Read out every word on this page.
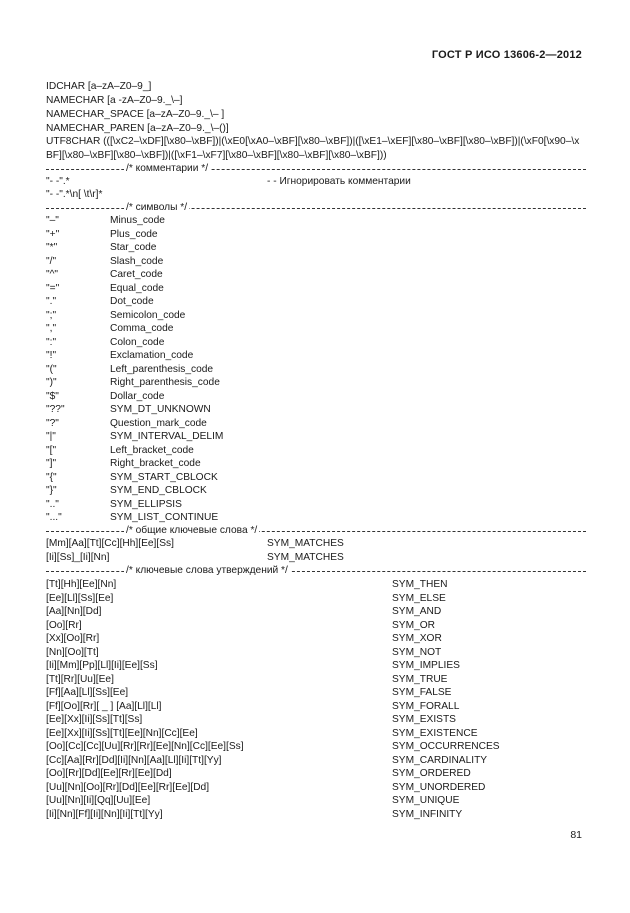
ГОСТ Р ИСО 13606-2—2012
IDCHAR [a–zA–Z0–9_]
NAMECHAR [a -zA–Z0–9._\–]
NAMECHAR_SPACE [a–zA–Z0–9._\– ]
NAMECHAR_PAREN [a–zA–Z0–9._\–()]
UTF8CHAR (([\xC2–\xDF][\x80–\xBF])|(\xE0[\xA0–\xBF][\x80–\xBF])|([\xE1–\xEF][\x80–\xBF][\x80–\xBF])|(\xF0[\x90–\xBF][\x80–\xBF][\x80–\xBF])|([\xF1–\xF7][\x80–\xBF][\x80–\xBF][\x80–\xBF]))
/* комментарии */
"- -".*	- - Игнорировать комментарии
"- -".*\n[ \t\r]*
/* символы */
"–"	Minus_code
"+"	Plus_code
"*"	Star_code
"/"	Slash_code
"^"	Caret_code
"="	Equal_code
"."	Dot_code
";"	Semicolon_code
","	Comma_code
":"	Colon_code
"!"	Exclamation_code
"("	Left_parenthesis_code
")"	Right_parenthesis_code
"$"	Dollar_code
"??"	SYM_DT_UNKNOWN
"?"	Question_mark_code
"|"	SYM_INTERVAL_DELIM
"["	Left_bracket_code
"]"	Right_bracket_code
"{"	SYM_START_CBLOCK
"}"	SYM_END_CBLOCK
".."	SYM_ELLIPSIS
"..."	SYM_LIST_CONTINUE
/* общие ключевые слова */
[Mm][Aa][Tt][Cc][Hh][Ee][Ss]	SYM_MATCHES
[Ii][Ss]_[Ii][Nn]	SYM_MATCHES
/* ключевые слова утверждений */
[Tt][Hh][Ee][Nn]	SYM_THEN
[Ee][Ll][Ss][Ee]	SYM_ELSE
[Aa][Nn][Dd]	SYM_AND
[Oo][Rr]	SYM_OR
[Xx][Oo][Rr]	SYM_XOR
[Nn][Oo][Tt]	SYM_NOT
[Ii][Mm][Pp][Ll][Ii][Ee][Ss]	SYM_IMPLIES
[Tt][Rr][Uu][Ee]	SYM_TRUE
[Ff][Aa][Ll][Ss][Ee]	SYM_FALSE
[Ff][Oo][Rr][ _ ] [Aa][Ll][Ll]	SYM_FORALL
[Ee][Xx][Ii][Ss][Tt][Ss]	SYM_EXISTS
[Ee][Xx][Ii][Ss][Tt][Ee][Nn][Cc][Ee]	SYM_EXISTENCE
[Oo][Cc][Cc][Uu][Rr][Rr][Ee][Nn][Cc][Ee][Ss]	SYM_OCCURRENCES
[Cc][Aa][Rr][Dd][Ii][Nn][Aa][Ll][Ii][Tt][Yy]	SYM_CARDINALITY
[Oo][Rr][Dd][Ee][Rr][Ee][Dd]	SYM_ORDERED
[Uu][Nn][Oo][Rr][Dd][Ee][Rr][Ee][Dd]	SYM_UNORDERED
[Uu][Nn][Ii][Qq][Uu][Ee]	SYM_UNIQUE
[Ii][Nn][Ff][Ii][Nn][Ii][Tt][Yy]	SYM_INFINITY
81
